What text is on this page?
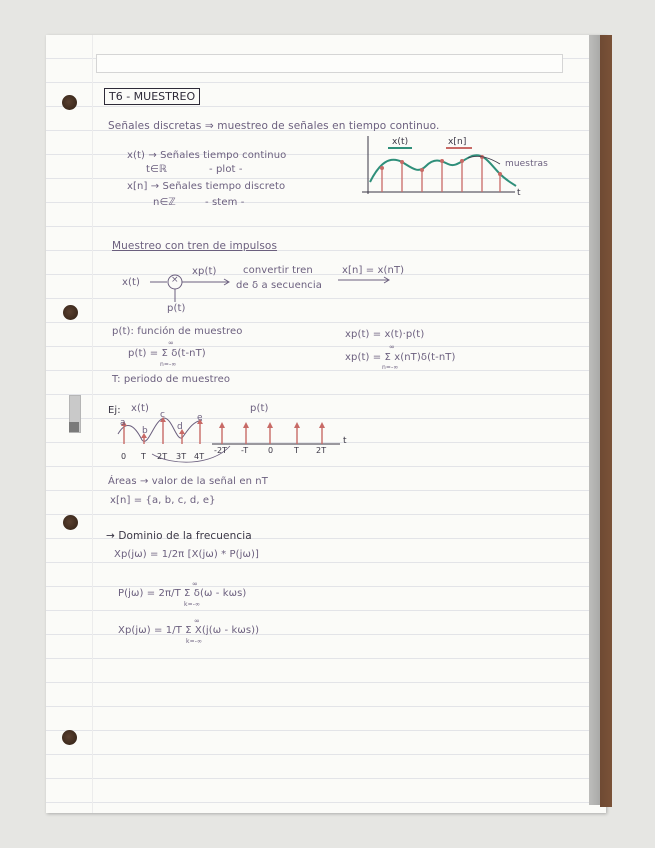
T6 - MUESTREO
Señales discretas ⇒ muestreo de señales en tiempo continuo.
x(t) → Señales tiempo continuo
t∈ℝ	- plot -
x[n] → Señales tiempo discreto
n∈ℤ	- stem -
x(t)	x[n]
muestras
t
Muestreo con tren de impulsos
x(t)	×
xp(t)	convertir tren
de δ a secuencia
x[n] = x(nT)
p(t)
p(t): función de muestreo
p(t) = Σ δ(t-nT)
∞
n=-∞
T: periodo de muestreo
xp(t) = x(t)·p(t)
xp(t) = Σ x(nT)δ(t-nT)
∞
n=-∞
Ej: x(t)	p(t)
a
b
c
d
e
0 T 2T 3T 4T
-2T -T 0	T 2T
t
Áreas → valor de la señal en nT
x[n] = {a, b, c, d, e}
→ Dominio de la frecuencia
Xp(jω) = 1/2π [X(jω) * P(jω)]
P(jω) = 2π/T Σ δ(ω - kωs)
∞
k=-∞
Xp(jω) = 1/T Σ X(j(ω - kωs))
∞
k=-∞
